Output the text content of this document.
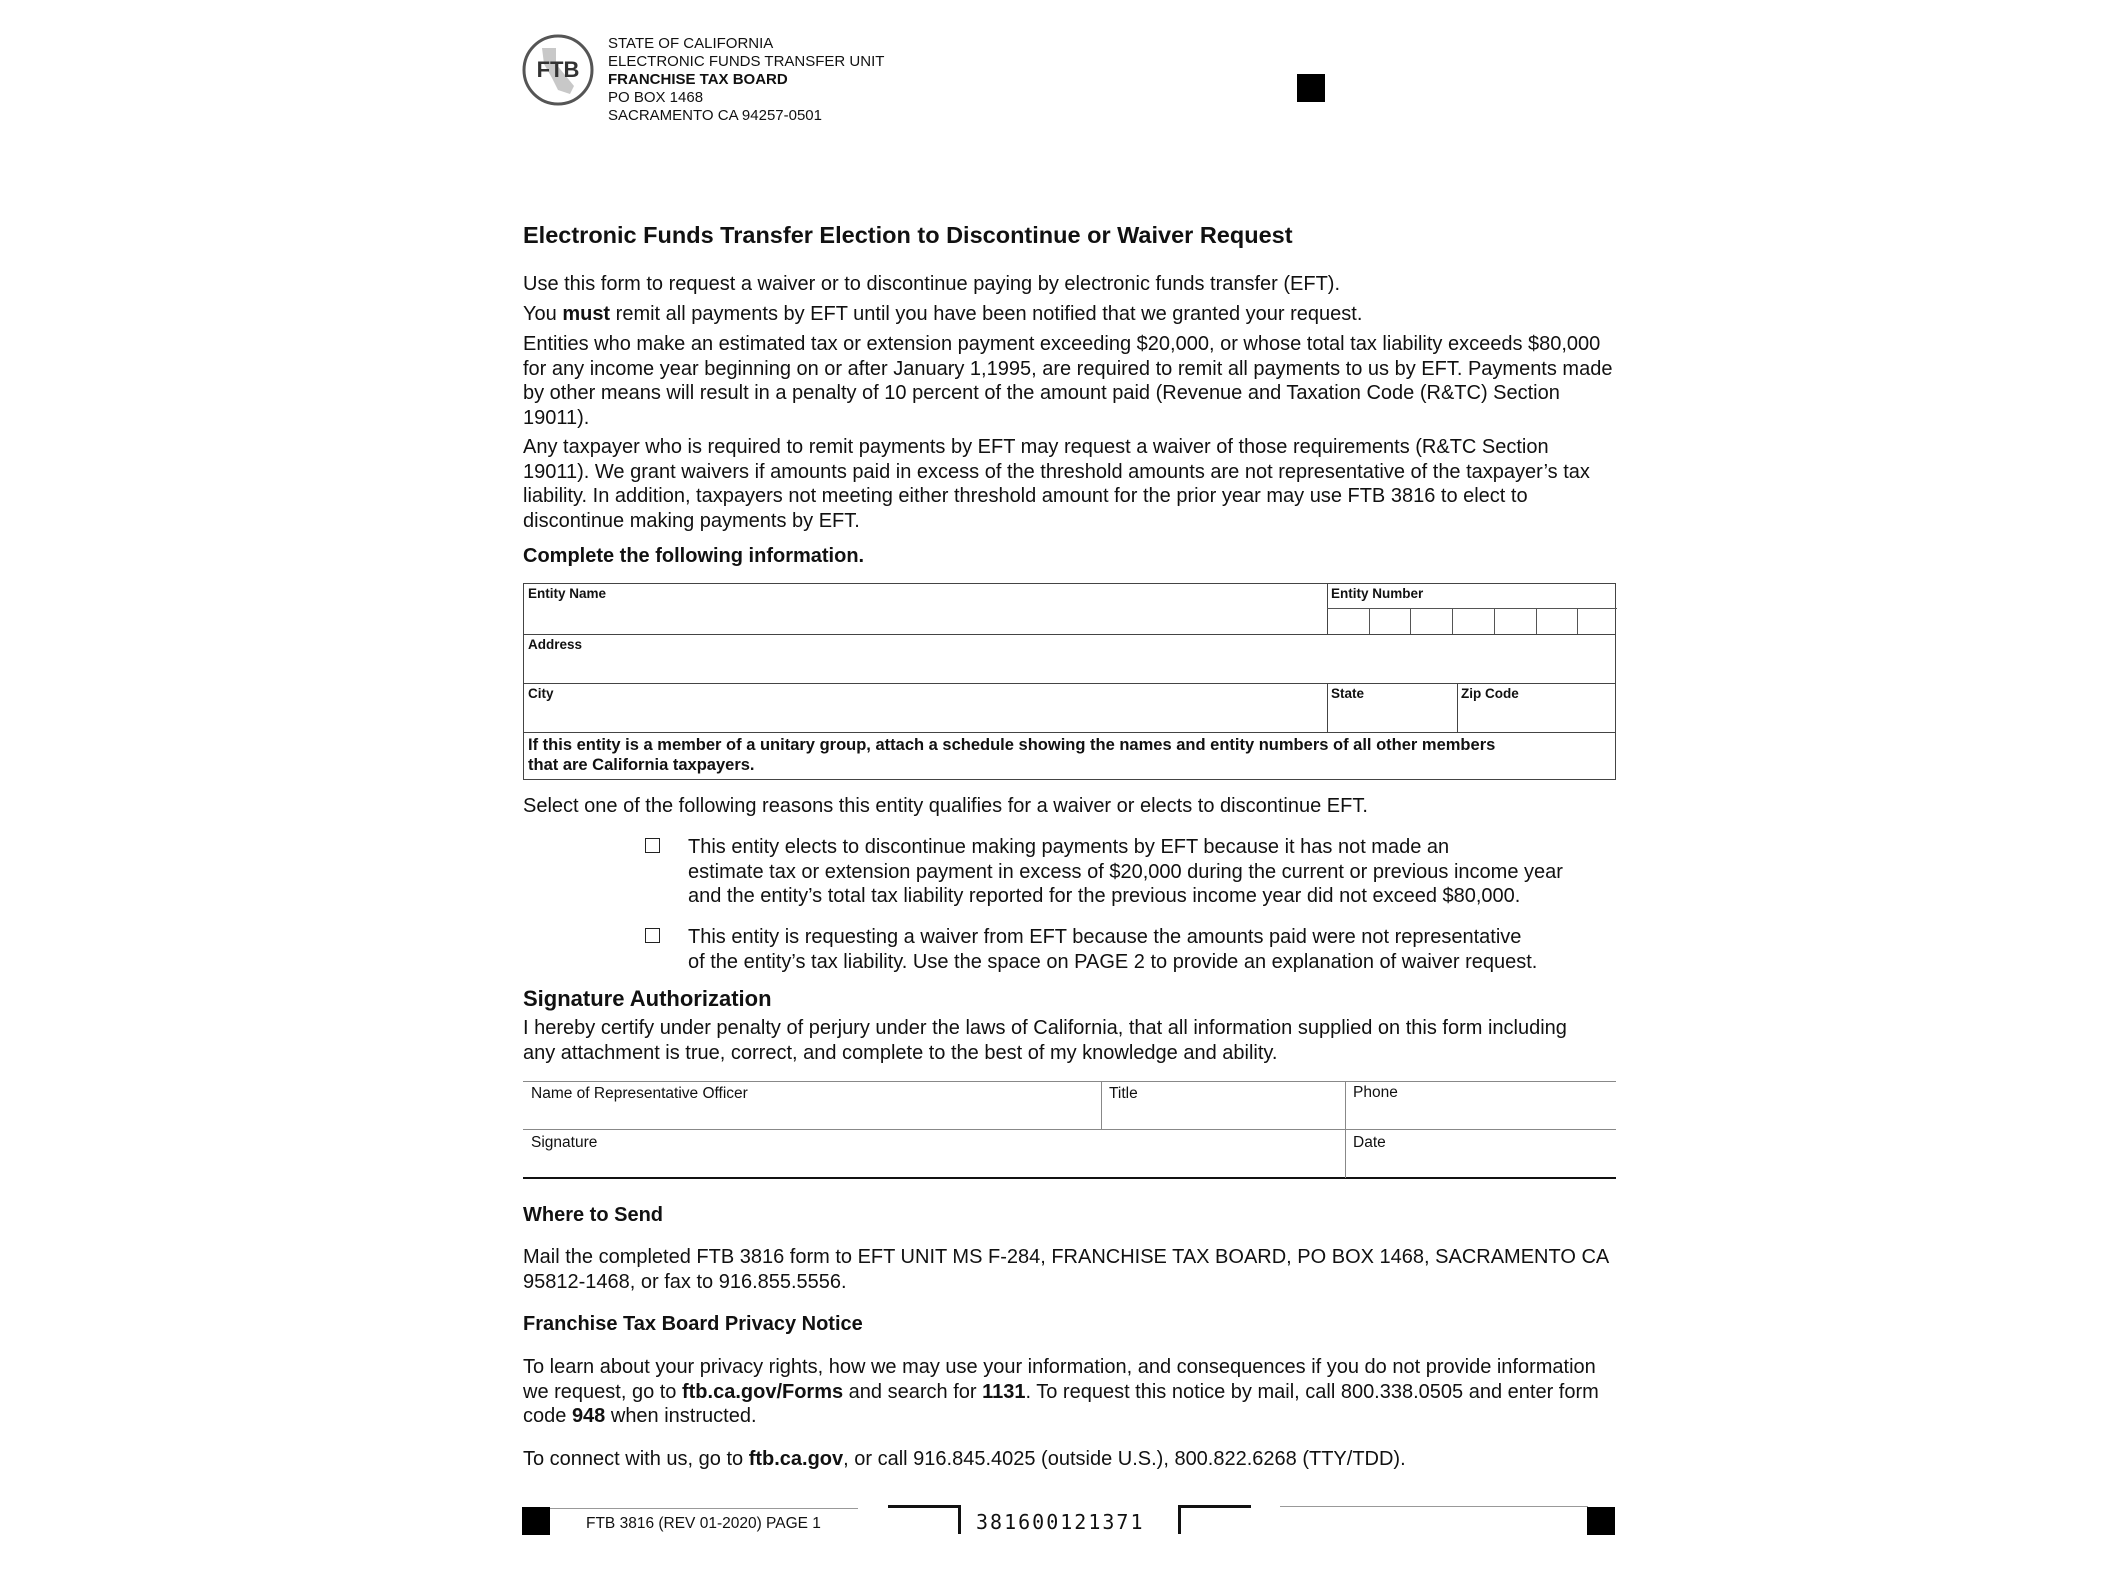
FTB
STATE OF CALIFORNIA
ELECTRONIC FUNDS TRANSFER UNIT
FRANCHISE TAX BOARD
PO BOX 1468
SACRAMENTO CA 94257-0501
Electronic Funds Transfer Election to Discontinue or Waiver Request
Use this form to request a waiver or to discontinue paying by electronic funds transfer (EFT).
You must remit all payments by EFT until you have been notified that we granted your request.
Entities who make an estimated tax or extension payment exceeding $20,000, or whose total tax liability exceeds $80,000 for any income year beginning on or after January 1,1995, are required to remit all payments to us by EFT. Payments made by other means will result in a penalty of 10 percent of the amount paid (Revenue and Taxation Code (R&TC) Section 19011).
Any taxpayer who is required to remit payments by EFT may request a waiver of those requirements (R&TC Section 19011). We grant waivers if amounts paid in excess of the threshold amounts are not representative of the taxpayer’s tax liability. In addition, taxpayers not meeting either threshold amount for the prior year may use FTB 3816 to elect to discontinue making payments by EFT.
Complete the following information.
Entity Name	Entity Number
Address
City	State	Zip Code
If this entity is a member of a unitary group, attach a schedule showing the names and entity numbers of all other members that are California taxpayers.
Select one of the following reasons this entity qualifies for a waiver or elects to discontinue EFT.
This entity elects to discontinue making payments by EFT because it has not made an
estimate tax or extension payment in excess of $20,000 during the current or previous income year
and the entity’s total tax liability reported for the previous income year did not exceed $80,000.
This entity is requesting a waiver from EFT because the amounts paid were not representative
of the entity’s tax liability. Use the space on PAGE 2 to provide an explanation of waiver request.
Signature Authorization
I hereby certify under penalty of perjury under the laws of California, that all information supplied on this form including any attachment is true, correct, and complete to the best of my knowledge and ability.
Name of Representative Officer	Title	Phone
Signature	Date
Where to Send
Mail the completed FTB 3816 form to EFT UNIT MS F-284, FRANCHISE TAX BOARD, PO BOX 1468, SACRAMENTO CA 95812-1468, or fax to 916.855.5556.
Franchise Tax Board Privacy Notice
To learn about your privacy rights, how we may use your information, and consequences if you do not provide information we request, go to ftb.ca.gov/Forms and search for 1131. To request this notice by mail, call 800.338.0505 and enter form code 948 when instructed.
To connect with us, go to ftb.ca.gov, or call 916.845.4025 (outside U.S.), 800.822.6268 (TTY/TDD).
FTB 3816 (REV 01-2020) PAGE 1	381600121371
